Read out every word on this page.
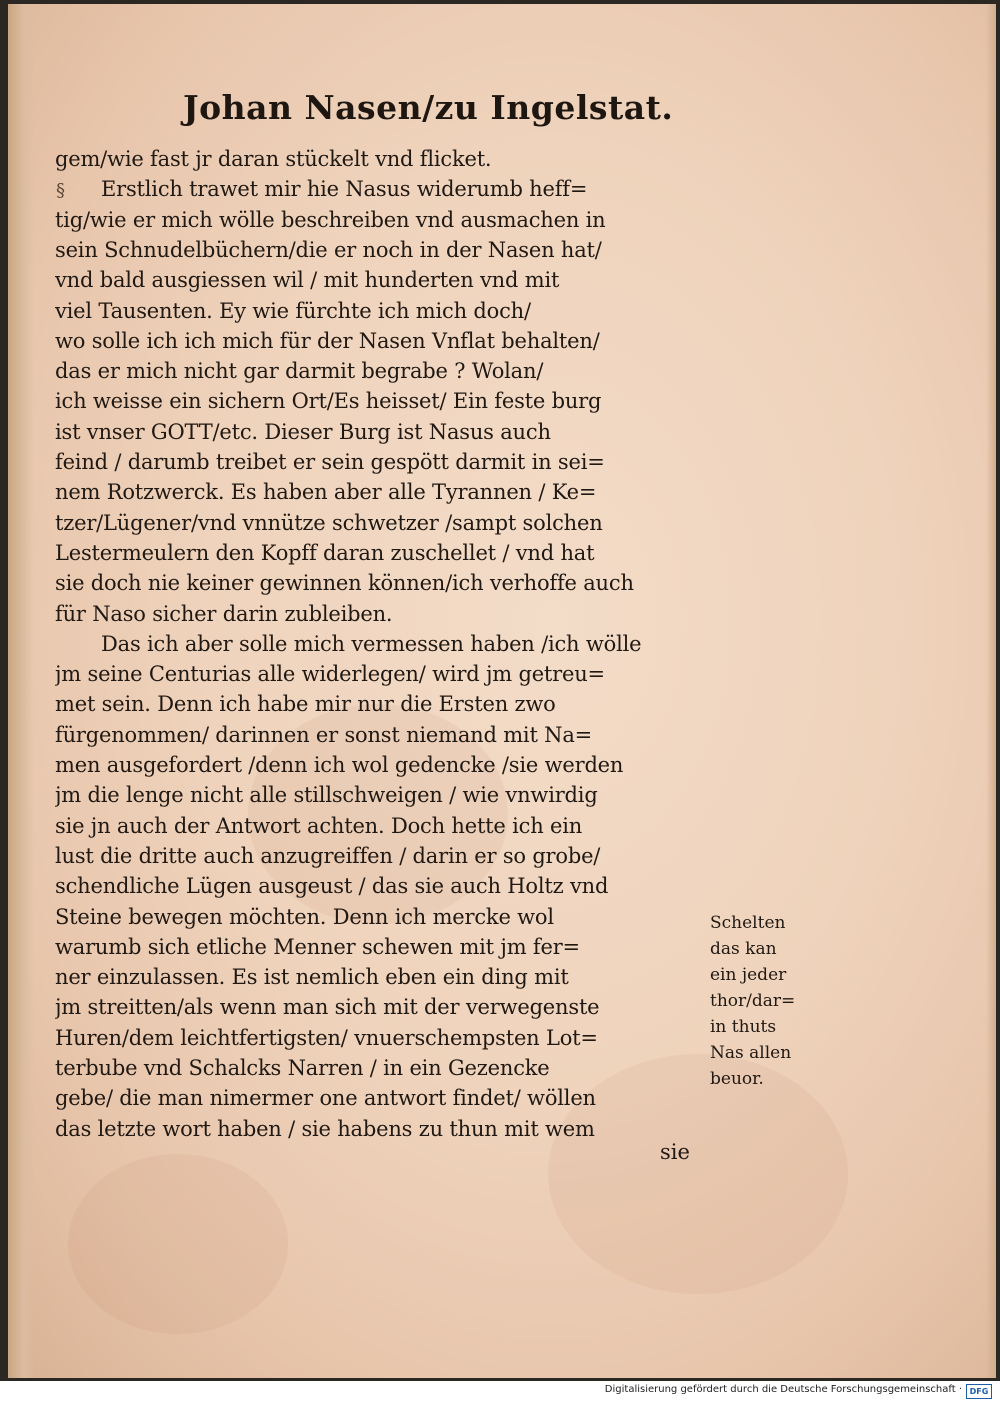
Johan Nasen/zu Ingelstat.
gem/wie fast jr daran stückelt vnd flicket.
Erstlich trawet mir hie Nasus widerumb heff=
tig/wie er mich wölle beschreiben vnd ausmachen in
sein Schnudelbüchern/die er noch in der Nasen hat/
vnd bald ausgiessen wil / mit hunderten vnd mit
viel Tausenten. Ey wie fürchte ich mich doch/
wo solle ich ich mich für der Nasen Vnflat behalten/
das er mich nicht gar darmit begrabe ? Wolan/
ich weisse ein sichern Ort/Es heisset/ Ein feste burg
ist vnser GOTT/etc. Dieser Burg ist Nasus auch
feind / darumb treibet er sein gespött darmit in sei=
nem Rotzwerck. Es haben aber alle Tyrannen / Ke=
tzer/Lügener/vnd vnnütze schwetzer /sampt solchen
Lestermeulern den Kopff daran zuschellet / vnd hat
sie doch nie keiner gewinnen können/ich verhoffe auch
für Naso sicher darin zubleiben.
Das ich aber solle mich vermessen haben /ich wölle
jm seine Centurias alle widerlegen/ wird jm getreu=
met sein. Denn ich habe mir nur die Ersten zwo
fürgenommen/ darinnen er sonst niemand mit Na=
men ausgefordert /denn ich wol gedencke /sie werden
jm die lenge nicht alle stillschweigen / wie vnwirdig
sie jn auch der Antwort achten. Doch hette ich ein
lust die dritte auch anzugreiffen / darin er so grobe/
schendliche Lügen ausgeust / das sie auch Holtz vnd
Steine bewegen möchten. Denn ich mercke wol
warumb sich etliche Menner schewen mit jm fer=
ner einzulassen. Es ist nemlich eben ein ding mit
jm streitten/als wenn man sich mit der verwegenste
Huren/dem leichtfertigsten/ vnuerschempsten Lot=
terbube vnd Schalcks Narren / in ein Gezencke
gebe/ die man nimermer one antwort findet/ wöllen
das letzte wort haben / sie habens zu thun mit wem
§
Schelten
das kan
ein jeder
thor/dar=
in thuts
Nas allen
beuor.
sie
Digitalisierung gefördert durch die Deutsche Forschungsgemeinschaft · DFG
